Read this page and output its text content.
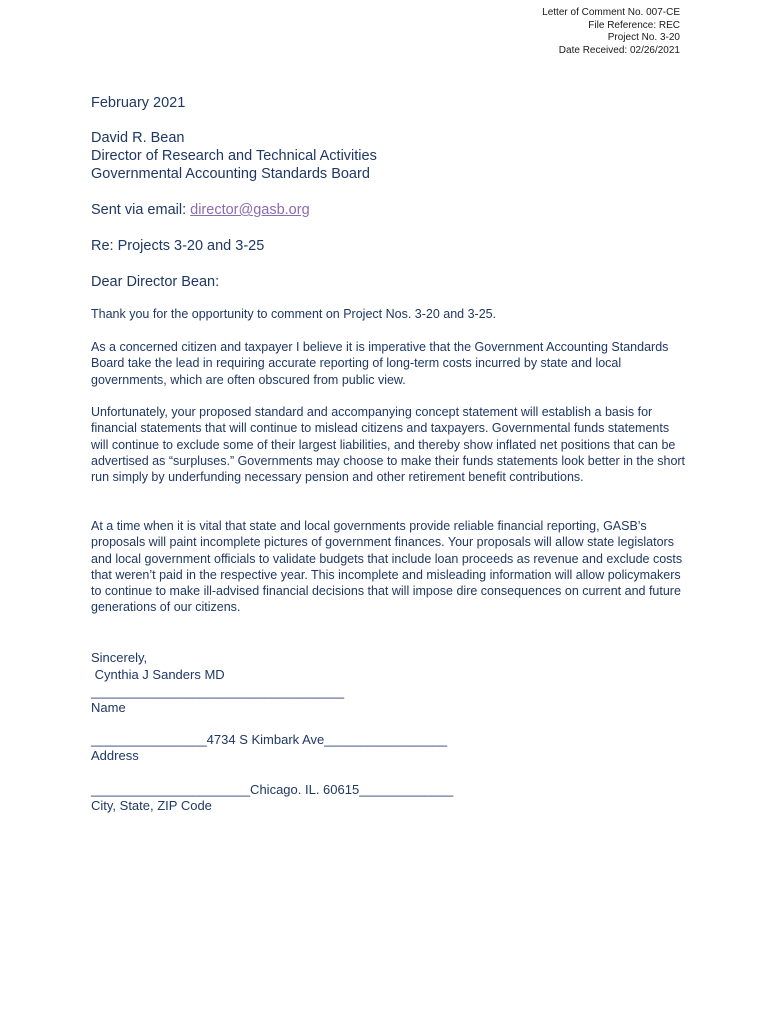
Letter of Comment No. 007-CE
File Reference: REC
Project No. 3-20
Date Received: 02/26/2021
February 2021
David R. Bean
Director of Research and Technical Activities
Governmental Accounting Standards Board
Sent via email: director@gasb.org
Re: Projects 3-20 and 3-25
Dear Director Bean:
Thank you for the opportunity to comment on Project Nos. 3-20 and 3-25.
As a concerned citizen and taxpayer I believe it is imperative that the Government Accounting Standards Board take the lead in requiring accurate reporting of long-term costs incurred by state and local governments, which are often obscured from public view.
Unfortunately, your proposed standard and accompanying concept statement will establish a basis for financial statements that will continue to mislead citizens and taxpayers. Governmental funds statements will continue to exclude some of their largest liabilities, and thereby show inflated net positions that can be advertised as “surpluses.” Governments may choose to make their funds statements look better in the short run simply by underfunding necessary pension and other retirement benefit contributions.
At a time when it is vital that state and local governments provide reliable financial reporting, GASB’s proposals will paint incomplete pictures of government finances. Your proposals will allow state legislators and local government officials to validate budgets that include loan proceeds as revenue and exclude costs that weren’t paid in the respective year. This incomplete and misleading information will allow policymakers to continue to make ill-advised financial decisions that will impose dire consequences on current and future generations of our citizens.
Sincerely,
Cynthia J Sanders MD
___________________________________
Name
________________4734 S Kimbark Ave_________________
Address
______________________Chicago. IL. 60615_____________
City, State, ZIP Code
